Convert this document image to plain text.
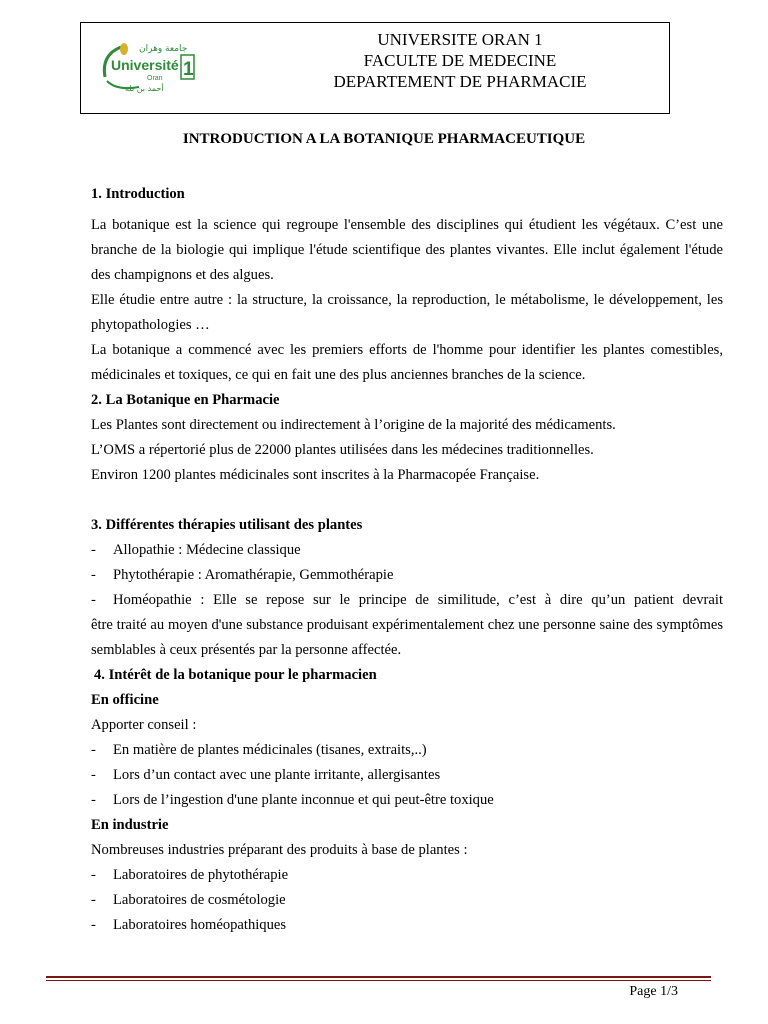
جامعة وهران
Université
Oran 1
أحمد بن بلة
UNIVERSITE ORAN 1
FACULTE DE MEDECINE
DEPARTEMENT DE PHARMACIE
INTRODUCTION A LA BOTANIQUE PHARMACEUTIQUE

1. Introduction

La botanique est la science qui regroupe l'ensemble des disciplines qui étudient les végétaux. C’est une branche de la biologie qui implique l'étude scientifique des plantes vivantes. Elle inclut également l'étude des champignons et des algues.

Elle étudie entre autre : la structure, la croissance, la reproduction, le métabolisme, le développement, les phytopathologies …

La botanique a commencé avec les premiers efforts de l'homme pour identifier les plantes comestibles, médicinales et toxiques, ce qui en fait une des plus anciennes branches de la science.

2. La Botanique en Pharmacie

Les Plantes sont directement ou indirectement à l’origine de la majorité des médicaments.

L’OMS a répertorié plus de 22000 plantes utilisées dans les médecines traditionnelles.

Environ 1200 plantes médicinales sont inscrites à la Pharmacopée Française.

3. Différentes thérapies utilisant des plantes

- Allopathie : Médecine classique

- Phytothérapie : Aromathérapie, Gemmothérapie

- Homéopathie : Elle se repose sur le principe de similitude, c’est à dire qu’un patient devrait

être traité au moyen d'une substance produisant expérimentalement chez une personne saine des symptômes semblables à ceux présentés par la personne affectée.

4. Intérêt de la botanique pour le pharmacien

En officine

Apporter conseil :

- En matière de plantes médicinales (tisanes, extraits,..)

- Lors d’un contact avec une plante irritante, allergisantes

- Lors de l’ingestion d'une plante inconnue et qui peut-être toxique

En industrie

Nombreuses industries préparant des produits à base de plantes :

- Laboratoires de phytothérapie

- Laboratoires de cosmétologie

- Laboratoires homéopathiques

Page 1/3
